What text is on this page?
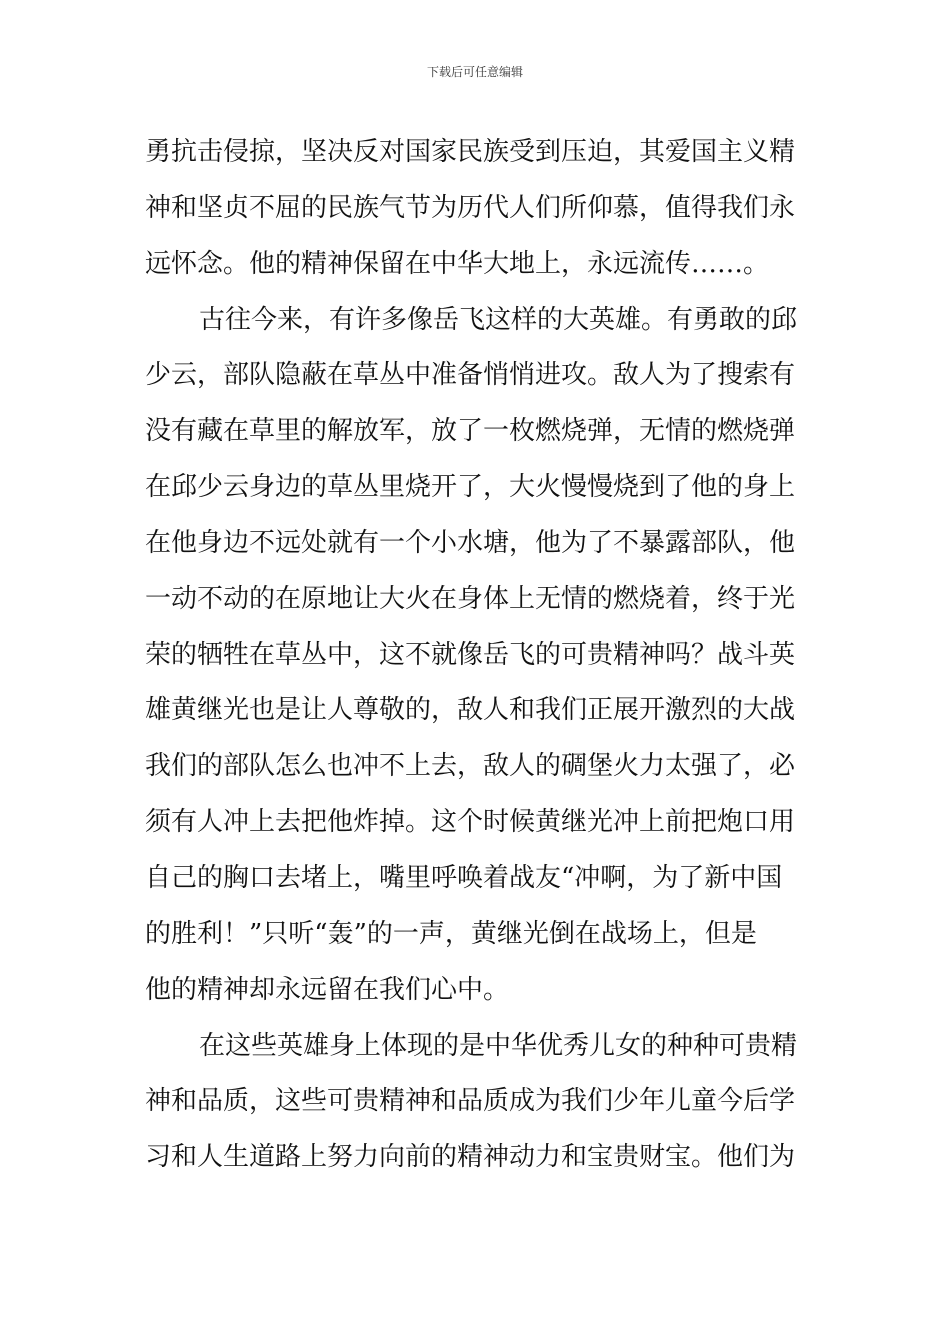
下载后可任意编辑
勇抗击侵掠，坚决反对国家民族受到压迫，其爱国主义精
神和坚贞不屈的民族气节为历代人们所仰慕，值得我们永
远怀念。他的精神保留在中华大地上，永远流传……。
古往今来，有许多像岳飞这样的大英雄。有勇敢的邱
少云，部队隐蔽在草丛中准备悄悄进攻。敌人为了搜索有
没有藏在草里的解放军，放了一枚燃烧弹，无情的燃烧弹
在邱少云身边的草丛里烧开了，大火慢慢烧到了他的身上
在他身边不远处就有一个小水塘，他为了不暴露部队，他
一动不动的在原地让大火在身体上无情的燃烧着，终于光
荣的牺牲在草丛中，这不就像岳飞的可贵精神吗？战斗英
雄黄继光也是让人尊敬的，敌人和我们正展开激烈的大战
我们的部队怎么也冲不上去，敌人的碉堡火力太强了，必
须有人冲上去把他炸掉。这个时候黄继光冲上前把炮口用
自己的胸口去堵上，嘴里呼唤着战友“冲啊，为了新中国
的胜利！”只听“轰”的一声，黄继光倒在战场上，但是
他的精神却永远留在我们心中。
在这些英雄身上体现的是中华优秀儿女的种种可贵精
神和品质，这些可贵精神和品质成为我们少年儿童今后学
习和人生道路上努力向前的精神动力和宝贵财宝。他们为
